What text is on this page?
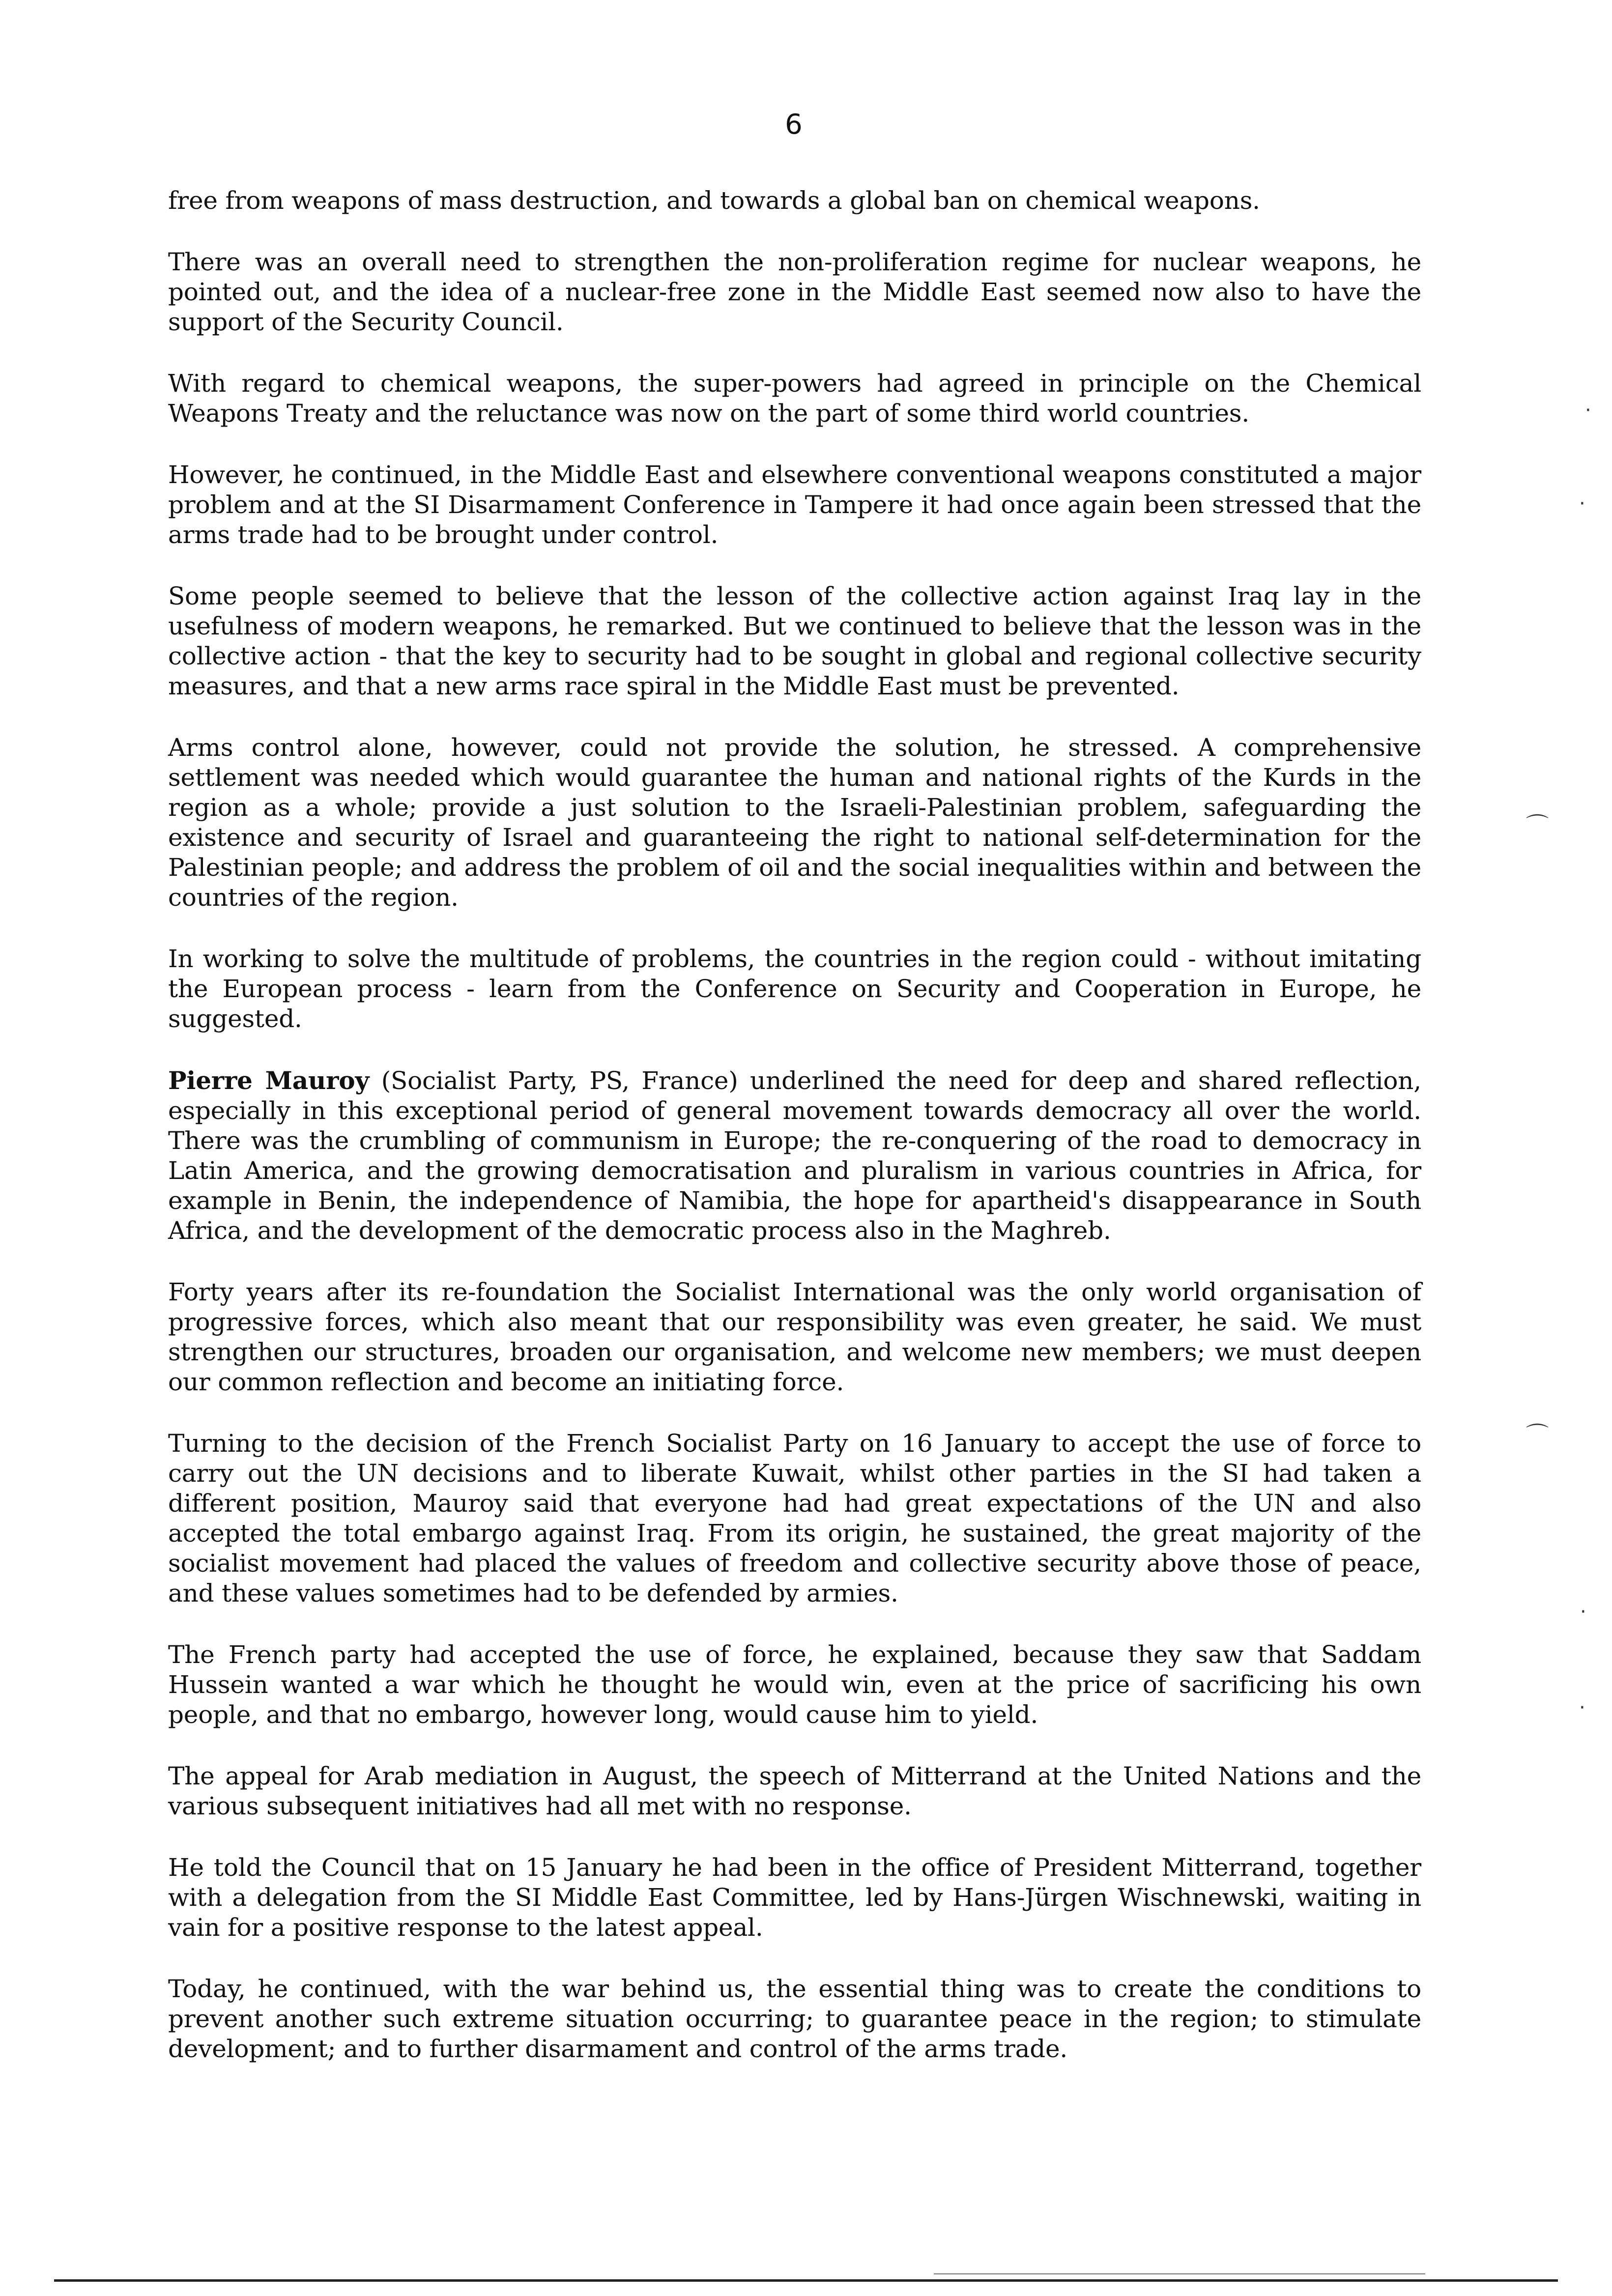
6

free from weapons of mass destruction, and towards a global ban on chemical weapons.

There was an overall need to strengthen the non-proliferation regime for nuclear weapons, he pointed out, and the idea of a nuclear-free zone in the Middle East seemed now also to have the support of the Security Council.

With regard to chemical weapons, the super-powers had agreed in principle on the Chemical Weapons Treaty and the reluctance was now on the part of some third world countries.

However, he continued, in the Middle East and elsewhere conventional weapons constituted a major problem and at the SI Disarmament Conference in Tampere it had once again been stressed that the arms trade had to be brought under control.

Some people seemed to believe that the lesson of the collective action against Iraq lay in the usefulness of modern weapons, he remarked. But we continued to believe that the lesson was in the collective action - that the key to security had to be sought in global and regional collective security measures, and that a new arms race spiral in the Middle East must be prevented.

Arms control alone, however, could not provide the solution, he stressed. A comprehensive settlement was needed which would guarantee the human and national rights of the Kurds in the region as a whole; provide a just solution to the Israeli-Palestinian problem, safeguarding the existence and security of Israel and guaranteeing the right to national self-determination for the Palestinian people; and address the problem of oil and the social inequalities within and between the countries of the region.

In working to solve the multitude of problems, the countries in the region could - without imitating the European process - learn from the Conference on Security and Cooperation in Europe, he suggested.

Pierre Mauroy (Socialist Party, PS, France) underlined the need for deep and shared reflection, especially in this exceptional period of general movement towards democracy all over the world. There was the crumbling of communism in Europe; the re-conquering of the road to democracy in Latin America, and the growing democratisation and pluralism in various countries in Africa, for example in Benin, the independence of Namibia, the hope for apartheid's disappearance in South Africa, and the development of the democratic process also in the Maghreb.

Forty years after its re-foundation the Socialist International was the only world organisation of progressive forces, which also meant that our responsibility was even greater, he said. We must strengthen our structures, broaden our organisation, and welcome new members; we must deepen our common reflection and become an initiating force.

Turning to the decision of the French Socialist Party on 16 January to accept the use of force to carry out the UN decisions and to liberate Kuwait, whilst other parties in the SI had taken a different position, Mauroy said that everyone had had great expectations of the UN and also accepted the total embargo against Iraq. From its origin, he sustained, the great majority of the socialist movement had placed the values of freedom and collective security above those of peace, and these values sometimes had to be defended by armies.

The French party had accepted the use of force, he explained, because they saw that Saddam Hussein wanted a war which he thought he would win, even at the price of sacrificing his own people, and that no embargo, however long, would cause him to yield.

The appeal for Arab mediation in August, the speech of Mitterrand at the United Nations and the various subsequent initiatives had all met with no response.

He told the Council that on 15 January he had been in the office of President Mitterrand, together with a delegation from the SI Middle East Committee, led by Hans-Jürgen Wischnewski, waiting in vain for a positive response to the latest appeal.

Today, he continued, with the war behind us, the essential thing was to create the conditions to prevent another such extreme situation occurring; to guarantee peace in the region; to stimulate development; and to further disarmament and control of the arms trade.

·
·
⌒
⌒
·
·
